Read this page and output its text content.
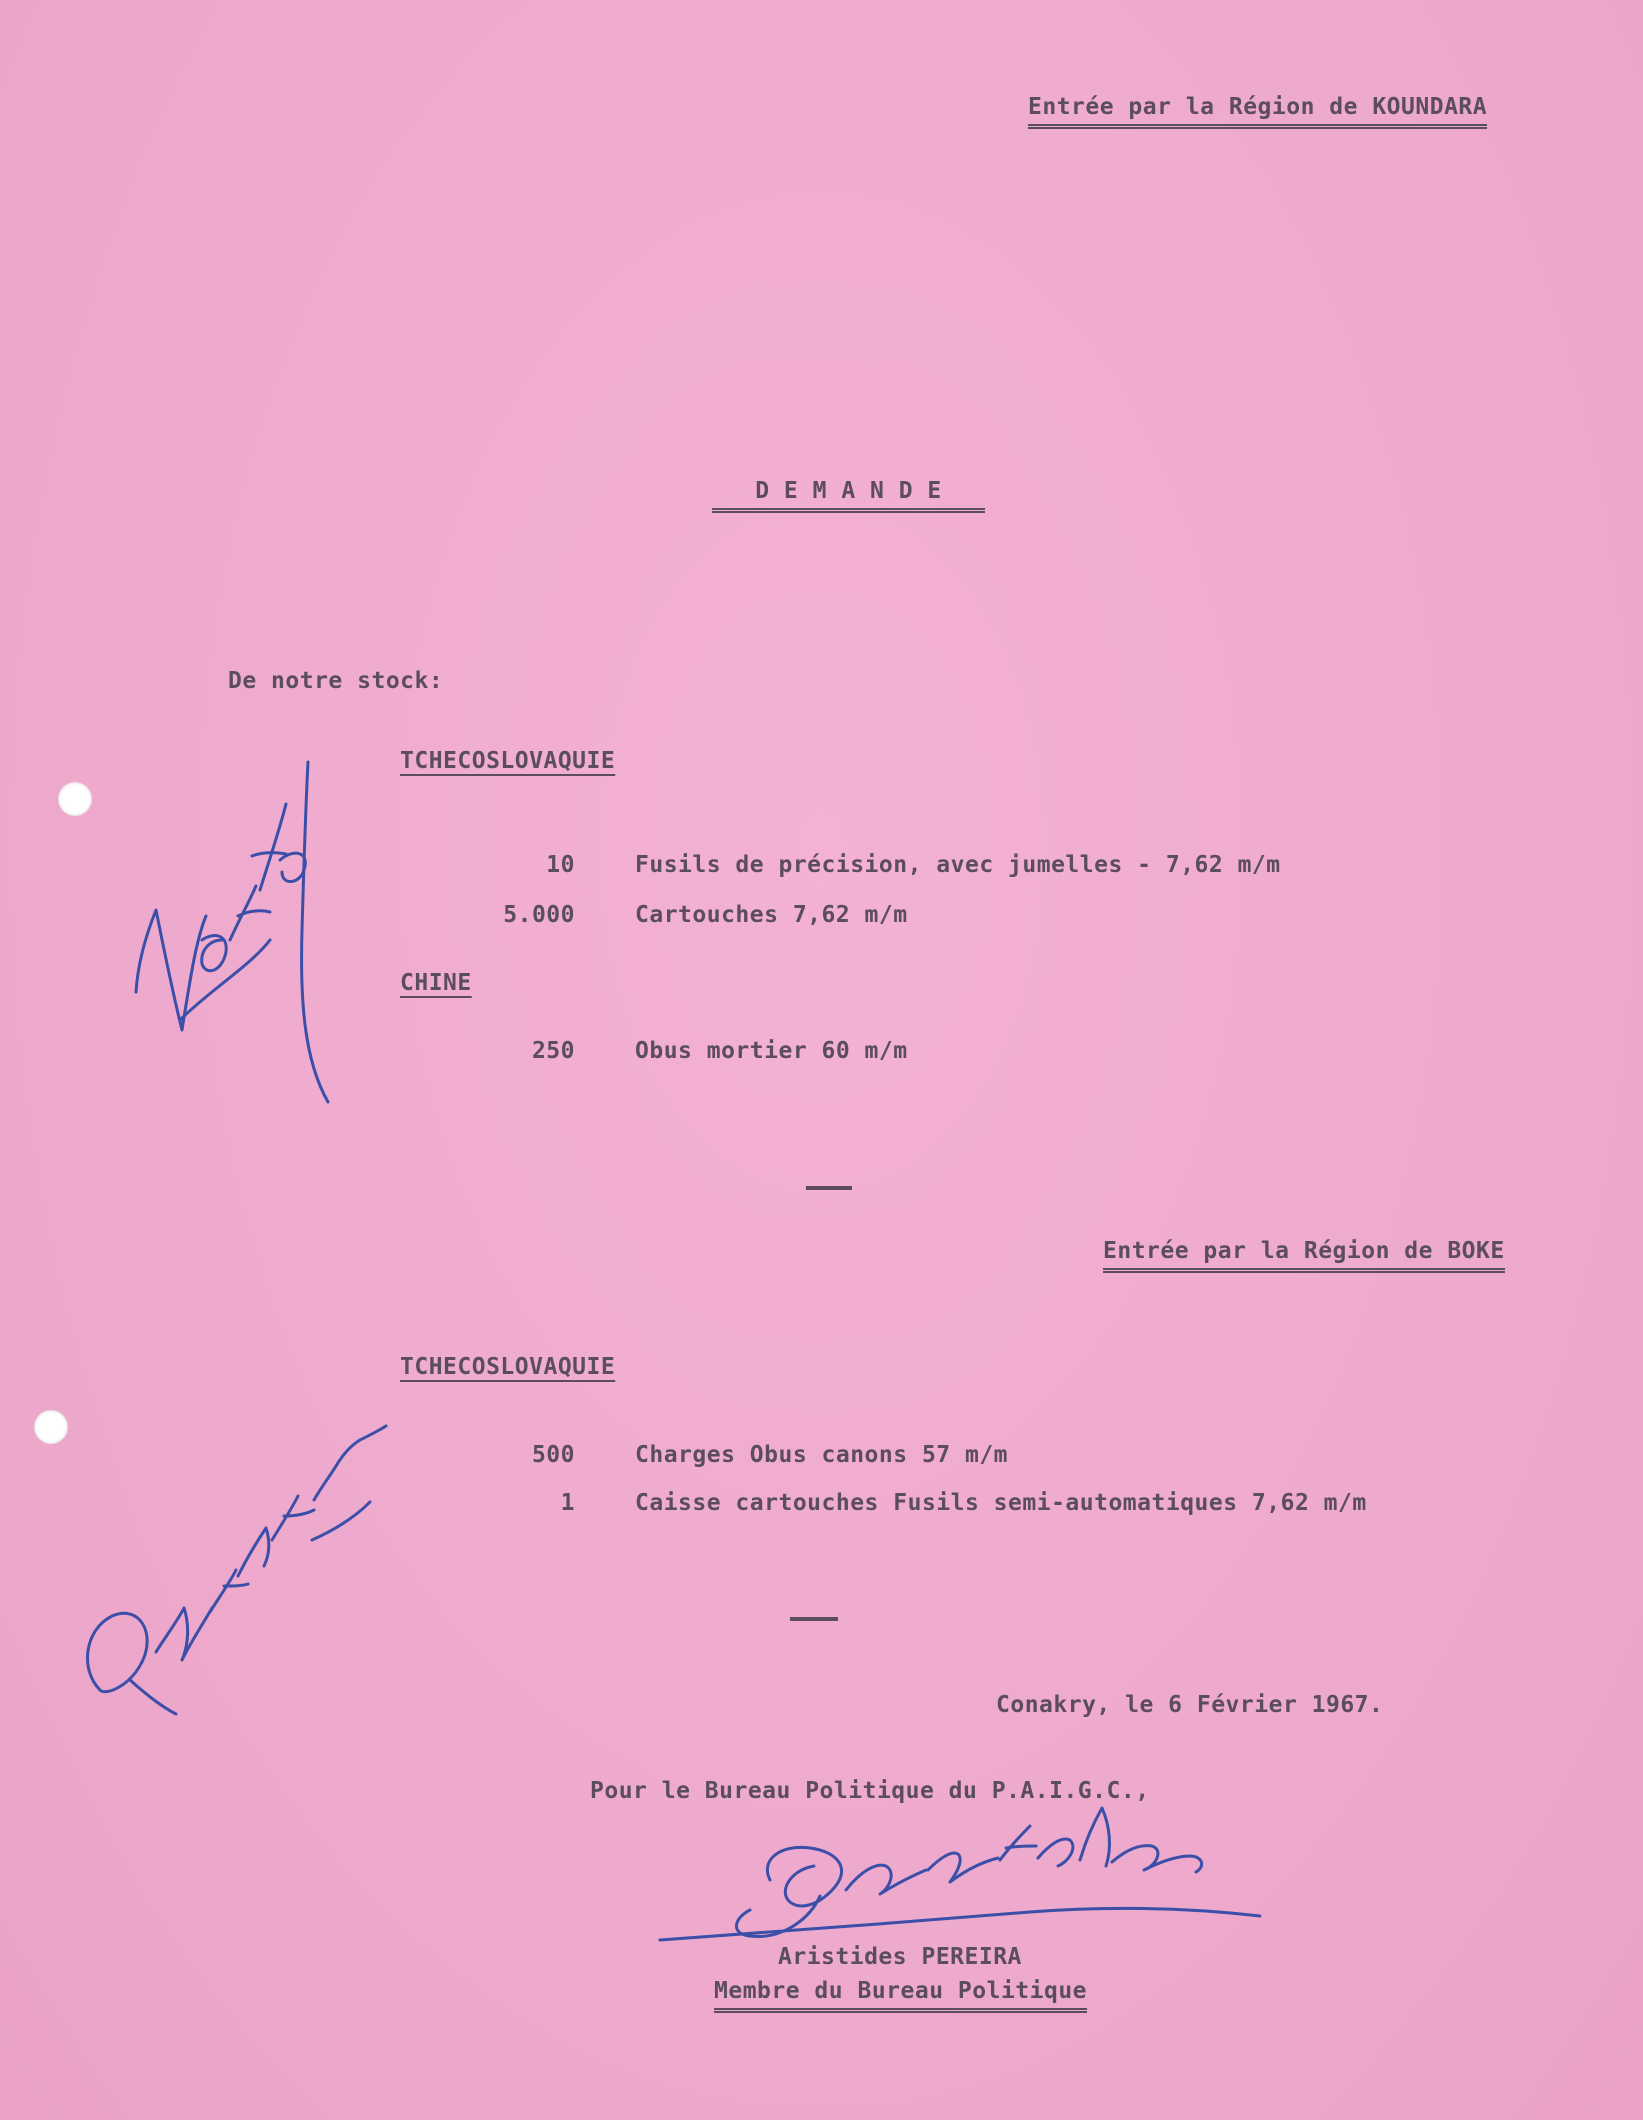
Entrée par la Région de KOUNDARA
D E M A N D E
De notre stock:
TCHECOSLOVAQUIE
10	Fusils de précision, avec jumelles - 7,62 m/m
5.000	Cartouches 7,62 m/m
CHINE
250	Obus mortier 60 m/m
Entrée par la Région de BOKE
TCHECOSLOVAQUIE
500	Charges Obus canons 57 m/m
1	Caisse cartouches Fusils semi-automatiques 7,62 m/m
Conakry, le 6 Février 1967.
Pour le Bureau Politique du P.A.I.G.C.,
Aristides PEREIRA
Membre du Bureau Politique
